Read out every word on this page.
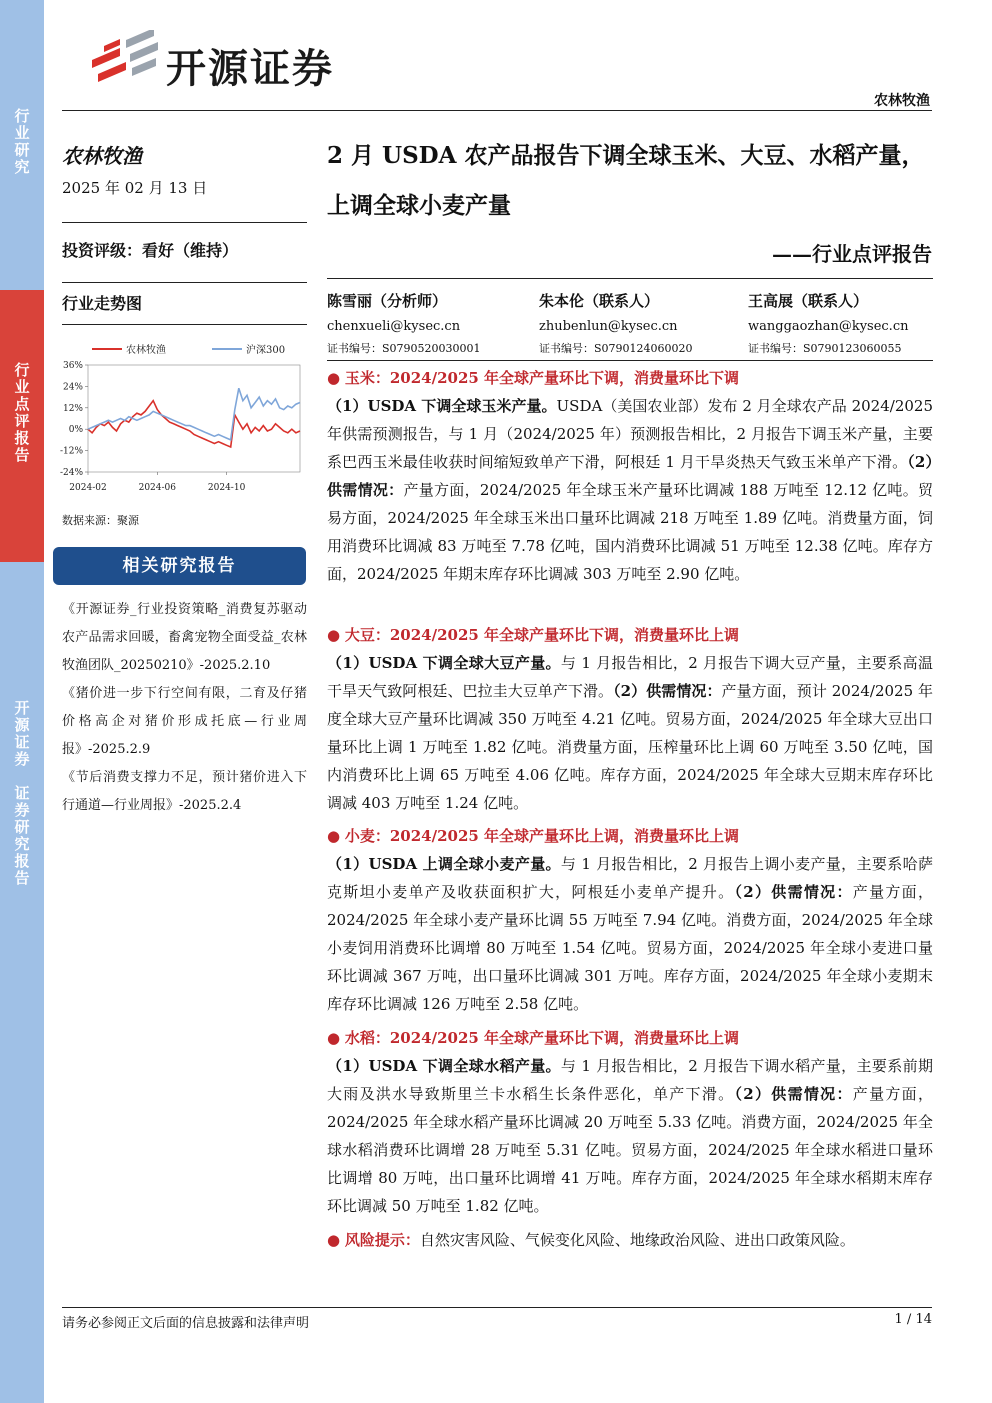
行
业
研
究
行
业
点
评
报
告
开
源
证
券

证
券
研
究
报
告
开源证券
农林牧渔
农林牧渔
2025 年 02 月 13 日
投资评级：看好（维持）
行业走势图
36%
24%
12%
0%
-12%
-24%
2024-02	2024-06	2024-10
农林牧渔	沪深300
数据来源：聚源
相关研究报告

《开源证券_行业投资策略_消费复苏驱动农产品需求回暖，畜禽宠物全面受益_农林牧渔团队_20250210》-2025.2.10

《猪价进一步下行空间有限，二育及仔猪价格高企对猪价形成托底—行业周报》-2025.2.9

《节后消费支撑力不足，预计猪价进入下行通道—行业周报》-2025.2.4

2 月 USDA 农产品报告下调全球玉米、大豆、水稻产量，上调全球小麦产量
——行业点评报告
陈雪丽（分析师）
chenxueli@kysec.cn
证书编号：S0790520030001
朱本伦（联系人）
zhubenlun@kysec.cn
证书编号：S0790124060020
王高展（联系人）
wanggaozhan@kysec.cn
证书编号：S0790123060055

● 玉米：2024/2025 年全球产量环比下调，消费量环比下调

（1）USDA 下调全球玉米产量。USDA（美国农业部）发布 2 月全球农产品 2024/2025 年供需预测报告，与 1 月（2024/2025 年）预测报告相比，2 月报告下调玉米产量，主要系巴西玉米最佳收获时间缩短致单产下滑，阿根廷 1 月干旱炎热天气致玉米单产下滑。（2）供需情况：产量方面，2024/2025 年全球玉米产量环比调减 188 万吨至 12.12 亿吨。贸易方面，2024/2025 年全球玉米出口量环比调减 218 万吨至 1.89 亿吨。消费量方面，饲用消费环比调减 83 万吨至 7.78 亿吨，国内消费环比调减 51 万吨至 12.38 亿吨。库存方面，2024/2025 年期末库存环比调减 303 万吨至 2.90 亿吨。

● 大豆：2024/2025 年全球产量环比下调，消费量环比上调

（1）USDA 下调全球大豆产量。与 1 月报告相比，2 月报告下调大豆产量，主要系高温干旱天气致阿根廷、巴拉圭大豆单产下滑。（2）供需情况：产量方面，预计 2024/2025 年度全球大豆产量环比调减 350 万吨至 4.21 亿吨。贸易方面，2024/2025 年全球大豆出口量环比上调 1 万吨至 1.82 亿吨。消费量方面，压榨量环比上调 60 万吨至 3.50 亿吨，国内消费环比上调 65 万吨至 4.06 亿吨。库存方面，2024/2025 年全球大豆期末库存环比调减 403 万吨至 1.24 亿吨。

● 小麦：2024/2025 年全球产量环比上调，消费量环比上调

（1）USDA 上调全球小麦产量。与 1 月报告相比，2 月报告上调小麦产量，主要系哈萨克斯坦小麦单产及收获面积扩大，阿根廷小麦单产提升。（2）供需情况：产量方面，2024/2025 年全球小麦产量环比调 55 万吨至 7.94 亿吨。消费方面，2024/2025 年全球小麦饲用消费环比调增 80 万吨至 1.54 亿吨。贸易方面，2024/2025 年全球小麦进口量环比调减 367 万吨，出口量环比调减 301 万吨。库存方面，2024/2025 年全球小麦期末库存环比调减 126 万吨至 2.58 亿吨。

● 水稻：2024/2025 年全球产量环比下调，消费量环比上调

（1）USDA 下调全球水稻产量。与 1 月报告相比，2 月报告下调水稻产量，主要系前期大雨及洪水导致斯里兰卡水稻生长条件恶化，单产下滑。（2）供需情况：产量方面，2024/2025 年全球水稻产量环比调减 20 万吨至 5.33 亿吨。消费方面，2024/2025 年全球水稻消费环比调增 28 万吨至 5.31 亿吨。贸易方面，2024/2025 年全球水稻进口量环比调增 80 万吨，出口量环比调增 41 万吨。库存方面，2024/2025 年全球水稻期末库存环比调减 50 万吨至 1.82 亿吨。

● 风险提示：自然灾害风险、气候变化风险、地缘政治风险、进出口政策风险。
请务必参阅正文后面的信息披露和法律声明	1 / 14
